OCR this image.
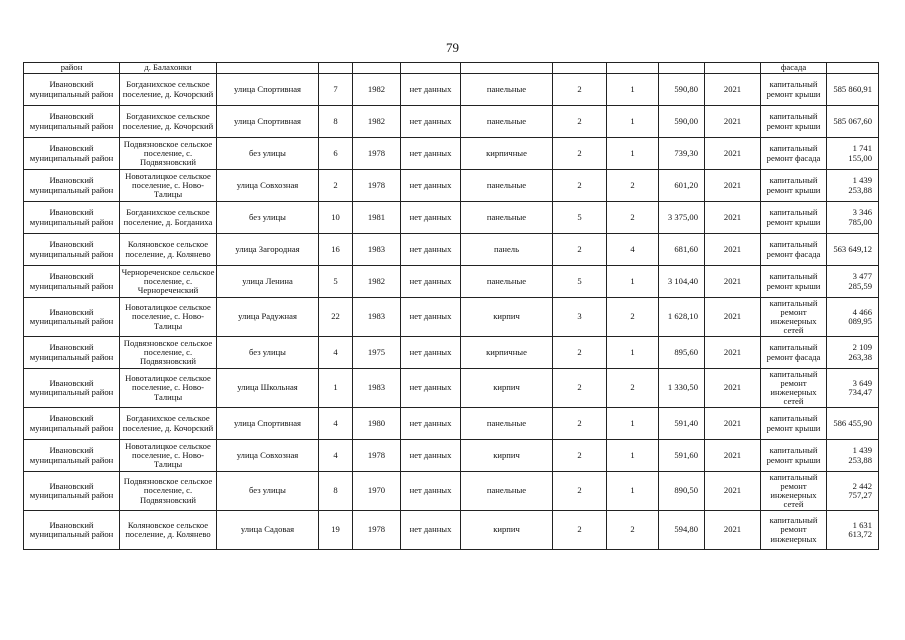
79
район	д. Балахонки										фасада	
Ивановский муниципальный район	Богданихское сельское поселение, д. Кочорский	улица Спортивная	7	1982	нет данных	панельные	2	1	590,80	2021	капитальный ремонт крыши	585 860,91
Ивановский муниципальный район	Богданихское сельское поселение, д. Кочорский	улица Спортивная	8	1982	нет данных	панельные	2	1	590,00	2021	капитальный ремонт крыши	585 067,60
Ивановский муниципальный район	Подвязновское сельское поселение, с. Подвязновский	без улицы	6	1978	нет данных	кирпичные	2	1	739,30	2021	капитальный ремонт фасада	1 741 155,00
Ивановский муниципальный район	Новоталицкое сельское поселение, с. Ново-Талицы	улица Совхозная	2	1978	нет данных	панельные	2	2	601,20	2021	капитальный ремонт крыши	1 439 253,88
Ивановский муниципальный район	Богданихское сельское поселение, д. Богданиха	без улицы	10	1981	нет данных	панельные	5	2	3 375,00	2021	капитальный ремонт крыши	3 346 785,00
Ивановский муниципальный район	Коляновское сельское поселение, д. Колянево	улица Загородная	16	1983	нет данных	панель	2	4	681,60	2021	капитальный ремонт фасада	563 649,12
Ивановский муниципальный район	Чернореченское сельское поселение, с. Чернореченский	улица Ленина	5	1982	нет данных	панельные	5	1	3 104,40	2021	капитальный ремонт крыши	3 477 285,59
Ивановский муниципальный район	Новоталицкое сельское поселение, с. Ново-Талицы	улица Радужная	22	1983	нет данных	кирпич	3	2	1 628,10	2021	капитальный ремонт инженерных сетей	4 466 089,95
Ивановский муниципальный район	Подвязновское сельское поселение, с. Подвязновский	без улицы	4	1975	нет данных	кирпичные	2	1	895,60	2021	капитальный ремонт фасада	2 109 263,38
Ивановский муниципальный район	Новоталицкое сельское поселение, с. Ново-Талицы	улица Школьная	1	1983	нет данных	кирпич	2	2	1 330,50	2021	капитальный ремонт инженерных сетей	3 649 734,47
Ивановский муниципальный район	Богданихское сельское поселение, д. Кочорский	улица Спортивная	4	1980	нет данных	панельные	2	1	591,40	2021	капитальный ремонт крыши	586 455,90
Ивановский муниципальный район	Новоталицкое сельское поселение, с. Ново-Талицы	улица Совхозная	4	1978	нет данных	кирпич	2	1	591,60	2021	капитальный ремонт крыши	1 439 253,88
Ивановский муниципальный район	Подвязновское сельское поселение, с. Подвязновский	без улицы	8	1970	нет данных	панельные	2	1	890,50	2021	капитальный ремонт инженерных сетей	2 442 757,27
Ивановский муниципальный район	Коляновское сельское поселение, д. Колянево	улица Садовая	19	1978	нет данных	кирпич	2	2	594,80	2021	капитальный ремонт инженерных	1 631 613,72
